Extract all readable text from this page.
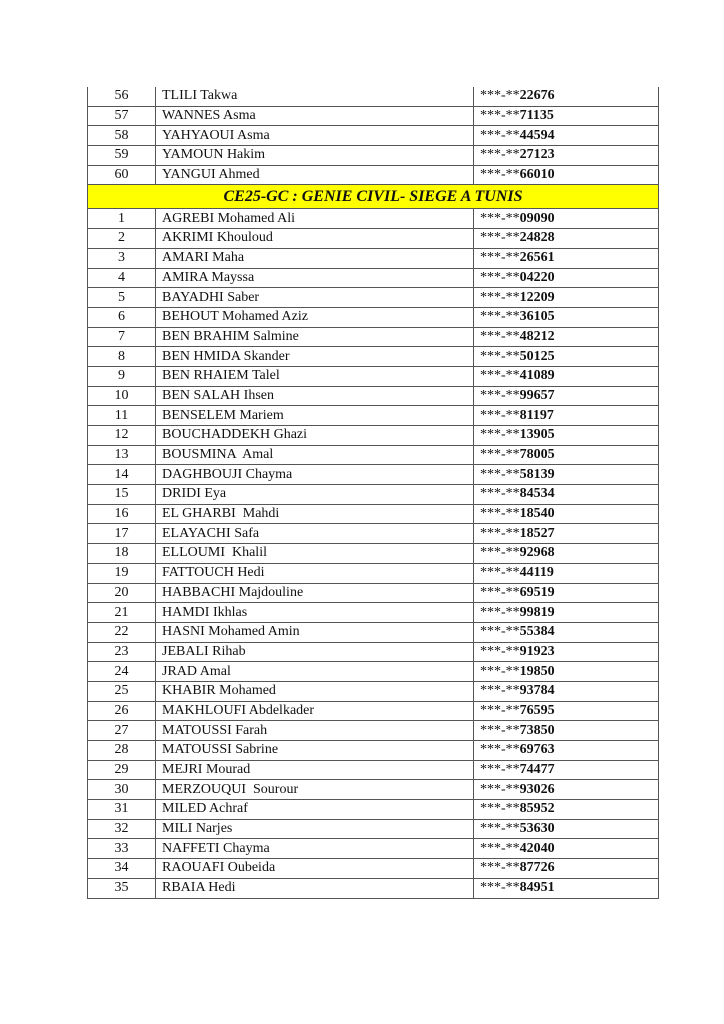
56	TLILI Takwa	***-**22676
57	WANNES Asma	***-**71135
58	YAHYAOUI Asma	***-**44594
59	YAMOUN Hakim	***-**27123
60	YANGUI Ahmed	***-**66010
CE25-GC : GENIE CIVIL- SIEGE A TUNIS		
1	AGREBI Mohamed Ali	***-**09090
2	AKRIMI Khouloud	***-**24828
3	AMARI Maha	***-**26561
4	AMIRA Mayssa	***-**04220
5	BAYADHI Saber	***-**12209
6	BEHOUT Mohamed Aziz	***-**36105
7	BEN BRAHIM Salmine	***-**48212
8	BEN HMIDA Skander	***-**50125
9	BEN RHAIEM Talel	***-**41089
10	BEN SALAH Ihsen	***-**99657
11	BENSELEM Mariem	***-**81197
12	BOUCHADDEKH Ghazi	***-**13905
13	BOUSMINA  Amal	***-**78005
14	DAGHBOUJI Chayma	***-**58139
15	DRIDI Eya	***-**84534
16	EL GHARBI  Mahdi	***-**18540
17	ELAYACHI Safa	***-**18527
18	ELLOUMI  Khalil	***-**92968
19	FATTOUCH Hedi	***-**44119
20	HABBACHI Majdouline	***-**69519
21	HAMDI Ikhlas	***-**99819
22	HASNI Mohamed Amin	***-**55384
23	JEBALI Rihab	***-**91923
24	JRAD Amal	***-**19850
25	KHABIR Mohamed	***-**93784
26	MAKHLOUFI Abdelkader	***-**76595
27	MATOUSSI Farah	***-**73850
28	MATOUSSI Sabrine	***-**69763
29	MEJRI Mourad	***-**74477
30	MERZOUQUI  Sourour	***-**93026
31	MILED Achraf	***-**85952
32	MILI Narjes	***-**53630
33	NAFFETI Chayma	***-**42040
34	RAOUAFI Oubeida	***-**87726
35	RBAIA Hedi	***-**84951
